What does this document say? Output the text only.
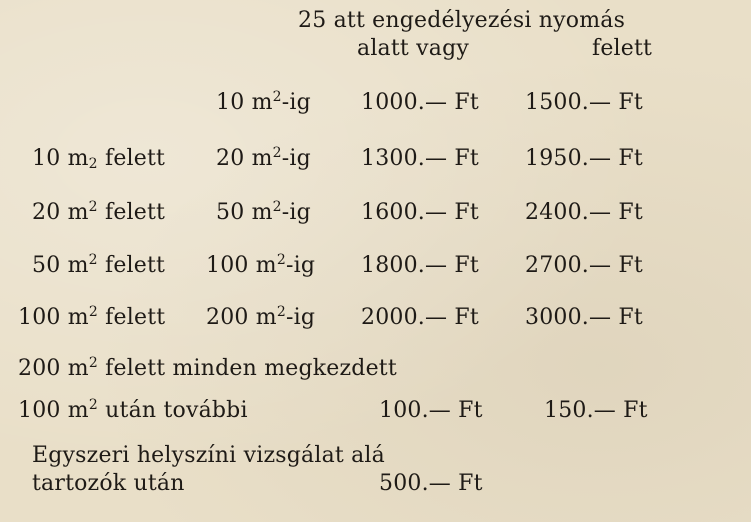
25 att engedélyezési nyomás
alatt vagy	felett
10 $m^2-ig$ 1000.— Ft 1500.— Ft
10 $m_2$ felett 20 $m^2-ig$ 1300.— Ft 1950.— Ft
20 $m^2$ felett 50 $m^2-ig$ 1600.— Ft 2400.— Ft
50 $m^2$ felett 100 $m^2-ig$ 1800.— Ft 2700.— Ft
100 $m^2$ felett 200 $m^2-ig$ 2000.— Ft 3000.— Ft
200 $m^2$ felett minden megkezdett
100 $m^2$ után további	100.— Ft	150.— Ft
Egyszeri helyszíni vizsgálat alá
tartozók után	500.— Ft
